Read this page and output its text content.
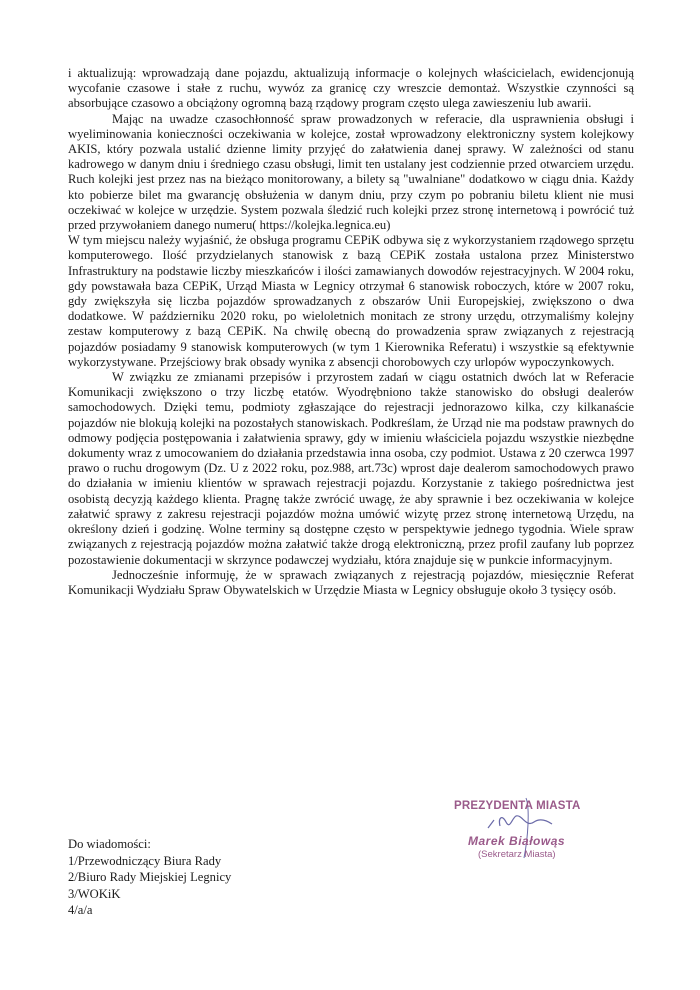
i aktualizują: wprowadzają dane pojazdu, aktualizują informacje o kolejnych właścicielach, ewidencjonują wycofanie czasowe i stałe z ruchu, wywóz za granicę czy wreszcie demontaż. Wszystkie czynności są absorbujące czasowo a obciążony ogromną bazą rządowy program często ulega zawieszeniu lub awarii.

Mając na uwadze czasochłonność spraw prowadzonych w referacie, dla usprawnienia obsługi i wyeliminowania konieczności oczekiwania w kolejce, został wprowadzony elektroniczny system kolejkowy AKIS, który pozwala ustalić dzienne limity przyjęć do załatwienia danej sprawy. W zależności od stanu kadrowego w danym dniu i średniego czasu obsługi, limit ten ustalany jest codziennie przed otwarciem urzędu. Ruch kolejki jest przez nas na bieżąco monitorowany, a bilety są "uwalniane" dodatkowo w ciągu dnia. Każdy kto pobierze bilet ma gwarancję obsłużenia w danym dniu, przy czym po pobraniu biletu klient nie musi oczekiwać w kolejce w urzędzie. System pozwala śledzić ruch kolejki przez stronę internetową i powrócić tuż przed przywołaniem danego numeru( https://kolejka.legnica.eu)

W tym miejscu należy wyjaśnić, że obsługa programu CEPiK odbywa się z wykorzystaniem rządowego sprzętu komputerowego. Ilość przydzielanych stanowisk z bazą CEPiK została ustalona przez Ministerstwo Infrastruktury na podstawie liczby mieszkańców i ilości zamawianych dowodów rejestracyjnych. W 2004 roku, gdy powstawała baza CEPiK, Urząd Miasta w Legnicy otrzymał 6 stanowisk roboczych, które w 2007 roku, gdy zwiększyła się liczba pojazdów sprowadzanych z obszarów Unii Europejskiej, zwiększono o dwa dodatkowe. W październiku 2020 roku, po wieloletnich monitach ze strony urzędu, otrzymaliśmy kolejny zestaw komputerowy z bazą CEPiK. Na chwilę obecną do prowadzenia spraw związanych z rejestracją pojazdów posiadamy 9 stanowisk komputerowych (w tym 1 Kierownika Referatu) i wszystkie są efektywnie wykorzystywane. Przejściowy brak obsady wynika z absencji chorobowych czy urlopów wypoczynkowych.

W związku ze zmianami przepisów i przyrostem zadań w ciągu ostatnich dwóch lat w Referacie Komunikacji zwiększono o trzy liczbę etatów. Wyodrębniono także stanowisko do obsługi dealerów samochodowych. Dzięki temu, podmioty zgłaszające do rejestracji jednorazowo kilka, czy kilkanaście pojazdów nie blokują kolejki na pozostałych stanowiskach. Podkreślam, że Urząd nie ma podstaw prawnych do odmowy podjęcia postępowania i załatwienia sprawy, gdy w imieniu właściciela pojazdu wszystkie niezbędne dokumenty wraz z umocowaniem do działania przedstawia inna osoba, czy podmiot. Ustawa z 20 czerwca 1997 prawo o ruchu drogowym (Dz. U z 2022 roku, poz.988, art.73c) wprost daje dealerom samochodowych prawo do działania w imieniu klientów w sprawach rejestracji pojazdu. Korzystanie z takiego pośrednictwa jest osobistą decyzją każdego klienta. Pragnę także zwrócić uwagę, że aby sprawnie i bez oczekiwania w kolejce załatwić sprawy z zakresu rejestracji pojazdów można umówić wizytę przez stronę internetową Urzędu, na określony dzień i godzinę. Wolne terminy są dostępne często w perspektywie jednego tygodnia. Wiele spraw związanych z rejestracją pojazdów można załatwić także drogą elektroniczną, przez profil zaufany lub poprzez pozostawienie dokumentacji w skrzynce podawczej wydziału, która znajduje się w punkcie informacyjnym.

Jednocześnie informuję, że w sprawach związanych z rejestracją pojazdów, miesięcznie Referat Komunikacji Wydziału Spraw Obywatelskich w Urzędzie Miasta w Legnicy obsługuje około 3 tysięcy osób.

PREZYDENTA MIASTA
Marek Białowąs
(Sekretarz Miasta)
Do wiadomości:
1/Przewodniczący Biura Rady
2/Biuro Rady Miejskiej Legnicy
3/WOKiK
4/a/a
